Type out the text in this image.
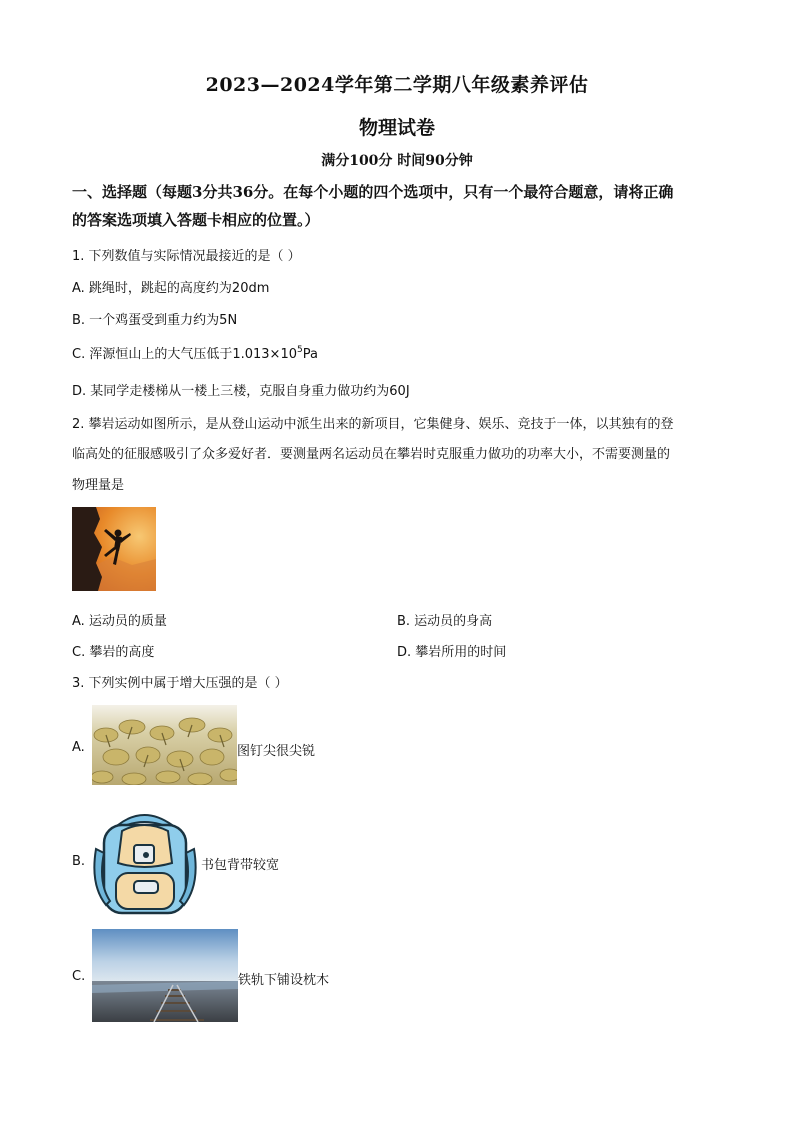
2023—2024学年第二学期八年级素养评估
物理试卷
满分100分 时间90分钟
一、选择题（每题3分共36分。在每个小题的四个选项中，只有一个最符合题意，请将正确
的答案选项填入答题卡相应的位置。）
1. 下列数值与实际情况最接近的是（ ）
A. 跳绳时，跳起的高度约为20dm
B. 一个鸡蛋受到重力约为5N
C. 浑源恒山上的大气压低于$1.013\times 10^5Pa$
D. 某同学走楼梯从一楼上三楼，克服自身重力做功约为60J
2. 攀岩运动如图所示，是从登山运动中派生出来的新项目，它集健身、娱乐、竞技于一体，以其独有的登
临高处的征服感吸引了众多爱好者．要测量两名运动员在攀岩时克服重力做功的功率大小，不需要测量的
物理量是
A. 运动员的质量	B. 运动员的身高
C. 攀岩的高度	D. 攀岩所用的时间
3. 下列实例中属于增大压强的是（ ）
A.	图钉尖很尖锐
B.	书包背带较宽
C.	铁轨下铺设枕木
